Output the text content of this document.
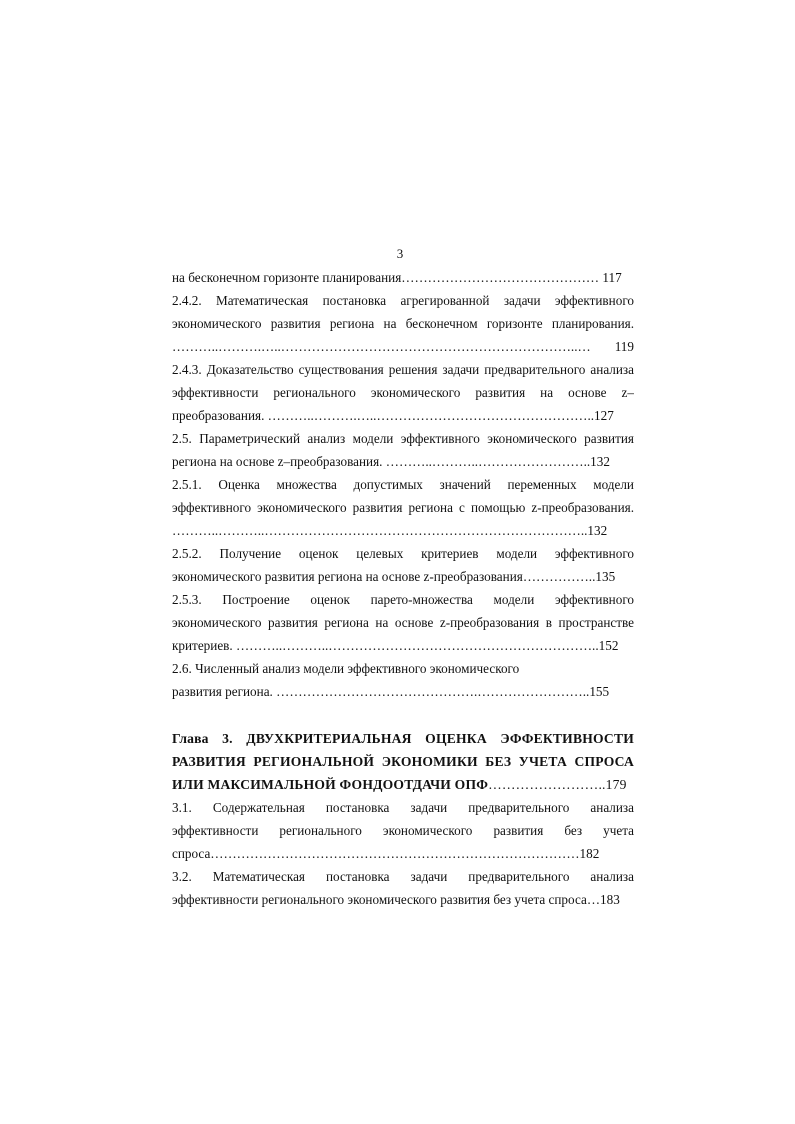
3
на бесконечном горизонте планирования……………………………………… 117
2.4.2. Математическая постановка агрегированной задачи эффективного
экономического развития региона на бесконечном горизонте планирования.
………..……….…..…………………………………………………………..… 119
2.4.3. Доказательство существования решения задачи предварительного анализа
эффективности регионального экономического развития на основе z–
преобразования. ………..……….…..…………………………………………..127
2.5. Параметрический анализ модели эффективного экономического развития
региона на основе z–преобразования. ………..………..……………………..132
2.5.1. Оценка множества допустимых значений переменных модели
эффективного экономического развития региона с помощью z-преобразования.
………..………..………………………………………………………………..132
2.5.2. Получение оценок целевых критериев модели эффективного
экономического развития региона на основе z-преобразования……………..135
2.5.3. Построение оценок парето-множества модели эффективного
экономического развития региона на основе z-преобразования в пространстве
критериев. ………..………..……………………………………………………..152
2.6. Численный анализ модели эффективного экономического
развития региона. ……………………………………….……………………..155
Глава 3. ДВУХКРИТЕРИАЛЬНАЯ ОЦЕНКА ЭФФЕКТИВНОСТИ
РАЗВИТИЯ РЕГИОНАЛЬНОЙ ЭКОНОМИКИ БЕЗ УЧЕТА СПРОСА
ИЛИ МАКСИМАЛЬНОЙ ФОНДООТДАЧИ ОПФ……………………..179
3.1. Содержательная постановка задачи предварительного анализа
эффективности регионального экономического развития без учета
спроса…………………………………………………………………………182
3.2. Математическая постановка задачи предварительного анализа
эффективности регионального экономического развития без учета спроса…183
